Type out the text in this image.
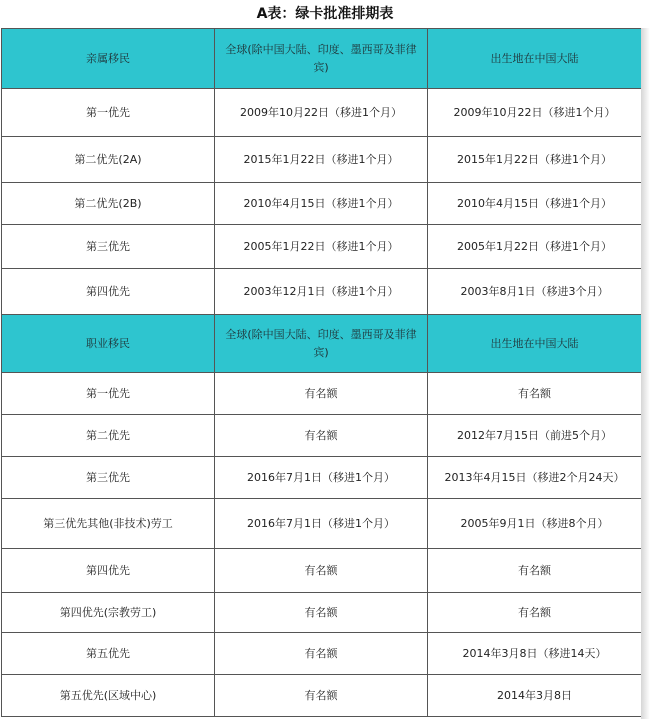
A表：绿卡批准排期表
亲属移民	全球(除中国大陆、印度、墨西哥及菲律宾)	出生地在中国大陆
第一优先	2009年10月22日（移进1个月）	2009年10月22日（移进1个月）
第二优先(2A)	2015年1月22日（移进1个月）	2015年1月22日（移进1个月）
第二优先(2B)	2010年4月15日（移进1个月）	2010年4月15日（移进1个月）
第三优先	2005年1月22日（移进1个月）	2005年1月22日（移进1个月）
第四优先	2003年12月1日（移进1个月）	2003年8月1日（移进3个月）
职业移民	全球(除中国大陆、印度、墨西哥及菲律宾)	出生地在中国大陆
第一优先	有名额	有名额
第二优先	有名额	2012年7月15日（前进5个月）
第三优先	2016年7月1日（移进1个月）	2013年4月15日（移进2个月24天）
第三优先其他(非技术)劳工	2016年7月1日（移进1个月）	2005年9月1日（移进8个月）
第四优先	有名额	有名额
第四优先(宗教劳工)	有名额	有名额
第五优先	有名额	2014年3月8日（移进14天）
第五优先(区域中心)	有名额	2014年3月8日
